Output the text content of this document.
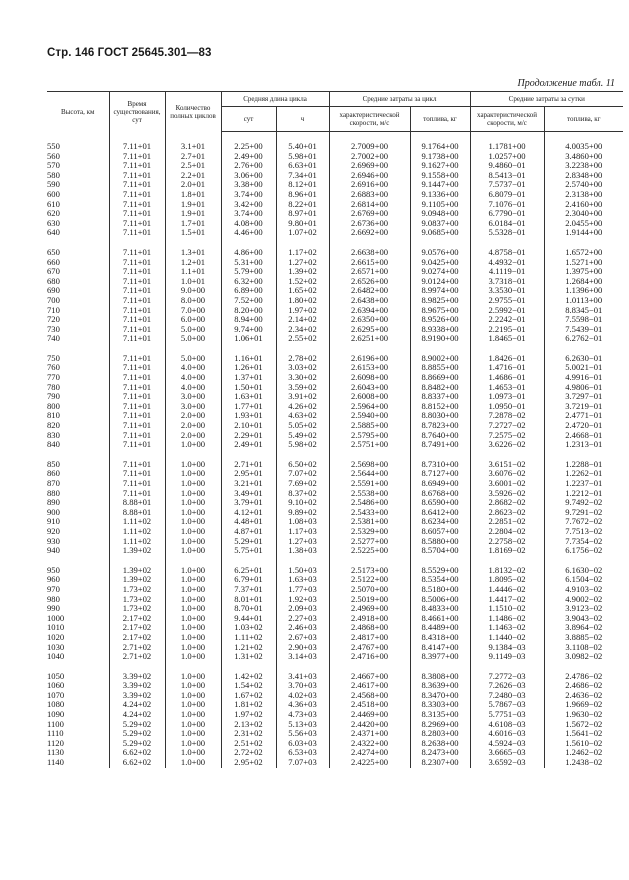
Стр. 146 ГОСТ 25645.301—83
Продолжение табл. 11
Высота, км	Время существования, сут	Количество полных циклов	Средняя длина цикла		Средние затраты за цикл		Средние затраты за сутки	
			сут	ч	характеристической скорости, м/с	топлива, кг	характеристической скорости, м/с	топлива, кг

550	7.11+01	3.1+01	2.25+00	5.40+01	2.7009+00	9.1764+00	1.1781+00	4.0035+00
560	7.11+01	2.7+01	2.49+00	5.98+01	2.7002+00	9.1738+00	1.0257+00	3.4860+00
570	7.11+01	2.5+01	2.76+00	6.63+01	2.6969+00	9.1627+00	9.4860−01	3.2238+00
580	7.11+01	2.2+01	3.06+00	7.34+01	2.6946+00	9.1558+00	8.5413−01	2.8348+00
590	7.11+01	2.0+01	3.38+00	8.12+01	2.6916+00	9.1447+00	7.5737−01	2.5740+00
600	7.11+01	1.8+01	3.74+00	8.96+01	2.6883+00	9.1336+00	6.8079−01	2.3138+00
610	7.11+01	1.9+01	3.42+00	8.22+01	2.6814+00	9.1105+00	7.1076−01	2.4160+00
620	7.11+01	1.9+01	3.74+00	8.97+01	2.6769+00	9.0948+00	6.7790−01	2.3040+00
630	7.11+01	1.7+01	4.08+00	9.80+01	2.6736+00	9.0837+00	6.0184−01	2.0455+00
640	7.11+01	1.5+01	4.46+00	1.07+02	2.6692+00	9.0685+00	5.5328−01	1.9144+00

650	7.11+01	1.3+01	4.86+00	1.17+02	2.6638+00	9.0576+00	4.8758−01	1.6572+00
660	7.11+01	1.2+01	5.31+00	1.27+02	2.6615+00	9.0425+00	4.4932−01	1.5271+00
670	7.11+01	1.1+01	5.79+00	1.39+02	2.6571+00	9.0274+00	4.1119−01	1.3975+00
680	7.11+01	1.0+01	6.32+00	1.52+02	2.6526+00	9.0124+00	3.7318−01	1.2684+00
690	7.11+01	9.0+00	6.89+00	1.65+02	2.6482+00	8.9974+00	3.3530−01	1.1396+00
700	7.11+01	8.0+00	7.52+00	1.80+02	2.6438+00	8.9825+00	2.9755−01	1.0113+00
710	7.11+01	7.0+00	8.20+00	1.97+02	2.6394+00	8.9675+00	2.5992−01	8.8345−01
720	7.11+01	6.0+00	8.94+00	2.14+02	2.6350+00	8.9526+00	2.2242−01	7.5598−01
730	7.11+01	5.0+00	9.74+00	2.34+02	2.6295+00	8.9338+00	2.2195−01	7.5439−01
740	7.11+01	5.0+00	1.06+01	2.55+02	2.6251+00	8.9190+00	1.8465−01	6.2762−01

750	7.11+01	5.0+00	1.16+01	2.78+02	2.6196+00	8.9002+00	1.8426−01	6.2630−01
760	7.11+01	4.0+00	1.26+01	3.03+02	2.6153+00	8.8855+00	1.4716−01	5.0021−01
770	7.11+01	4.0+00	1.37+01	3.30+02	2.6098+00	8.8669+00	1.4686−01	4.9916−01
780	7.11+01	4.0+00	1.50+01	3.59+02	2.6043+00	8.8482+00	1.4653−01	4.9806−01
790	7.11+01	3.0+00	1.63+01	3.91+02	2.6008+00	8.8337+00	1.0973−01	3.7297−01
800	7.11+01	3.0+00	1.77+01	4.26+02	2.5964+00	8.8152+00	1.0950−01	3.7219−01
810	7.11+01	2.0+00	1.93+01	4.63+02	2.5940+00	8.8030+00	7.2878−02	2.4771−01
820	7.11+01	2.0+00	2.10+01	5.05+02	2.5885+00	8.7823+00	7.2727−02	2.4720−01
830	7.11+01	2.0+00	2.29+01	5.49+02	2.5795+00	8.7640+00	7.2575−02	2.4668−01
840	7.11+01	1.0+00	2.49+01	5.98+02	2.5751+00	8.7491+00	3.6226−02	1.2313−01

850	7.11+01	1.0+00	2.71+01	6.50+02	2.5698+00	8.7310+00	3.6151−02	1.2288−01
860	7.11+01	1.0+00	2.95+01	7.07+02	2.5644+00	8.7127+00	3.6076−02	1.2262−01
870	7.11+01	1.0+00	3.21+01	7.69+02	2.5591+00	8.6949+00	3.6001−02	1.2237−01
880	7.11+01	1.0+00	3.49+01	8.37+02	2.5538+00	8.6768+00	3.5926−02	1.2212−01
890	8.88+01	1.0+00	3.79+01	9.10+02	2.5486+00	8.6590+00	2.8682−02	9.7492−02
900	8.88+01	1.0+00	4.12+01	9.89+02	2.5433+00	8.6412+00	2.8623−02	9.7291−02
910	1.11+02	1.0+00	4.48+01	1.08+03	2.5381+00	8.6234+00	2.2851−02	7.7672−02
920	1.11+02	1.0+00	4.87+01	1.17+03	2.5329+00	8.6057+00	2.2804−02	7.7513−02
930	1.11+02	1.0+00	5.29+01	1.27+03	2.5277+00	8.5880+00	2.2758−02	7.7354−02
940	1.39+02	1.0+00	5.75+01	1.38+03	2.5225+00	8.5704+00	1.8169−02	6.1756−02

950	1.39+02	1.0+00	6.25+01	1.50+03	2.5173+00	8.5529+00	1.8132−02	6.1630−02
960	1.39+02	1.0+00	6.79+01	1.63+03	2.5122+00	8.5354+00	1.8095−02	6.1504−02
970	1.73+02	1.0+00	7.37+01	1.77+03	2.5070+00	8.5180+00	1.4446−02	4.9103−02
980	1.73+02	1.0+00	8.01+01	1.92+03	2.5019+00	8.5006+00	1.4417−02	4.9002−02
990	1.73+02	1.0+00	8.70+01	2.09+03	2.4969+00	8.4833+00	1.1510−02	3.9123−02
1000	2.17+02	1.0+00	9.44+01	2.27+03	2.4918+00	8.4661+00	1.1486−02	3.9043−02
1010	2.17+02	1.0+00	1.03+02	2.46+03	2.4868+00	8.4489+00	1.1463−02	3.8964−02
1020	2.17+02	1.0+00	1.11+02	2.67+03	2.4817+00	8.4318+00	1.1440−02	3.8885−02
1030	2.71+02	1.0+00	1.21+02	2.90+03	2.4767+00	8.4147+00	9.1384−03	3.1108−02
1040	2.71+02	1.0+00	1.31+02	3.14+03	2.4716+00	8.3977+00	9.1149−03	3.0982−02

1050	3.39+02	1.0+00	1.42+02	3.41+03	2.4667+00	8.3808+00	7.2772−03	2.4786−02
1060	3.39+02	1.0+00	1.54+02	3.70+03	2.4617+00	8.3639+00	7.2626−03	2.4686−02
1070	3.39+02	1.0+00	1.67+02	4.02+03	2.4568+00	8.3470+00	7.2480−03	2.4636−02
1080	4.24+02	1.0+00	1.81+02	4.36+03	2.4518+00	8.3303+00	5.7867−03	1.9669−02
1090	4.24+02	1.0+00	1.97+02	4.73+03	2.4469+00	8.3135+00	5.7751−03	1.9630−02
1100	5.29+02	1.0+00	2.13+02	5.13+03	2.4420+00	8.2969+00	4.6108−03	1.5672−02
1110	5.29+02	1.0+00	2.31+02	5.56+03	2.4371+00	8.2803+00	4.6016−03	1.5641−02
1120	5.29+02	1.0+00	2.51+02	6.03+03	2.4322+00	8.2638+00	4.5924−03	1.5610−02
1130	6.62+02	1.0+00	2.72+02	6.53+03	2.4274+00	8.2473+00	3.6665−03	1.2462−02
1140	6.62+02	1.0+00	2.95+02	7.07+03	2.4225+00	8.2307+00	3.6592−03	1.2438−02
